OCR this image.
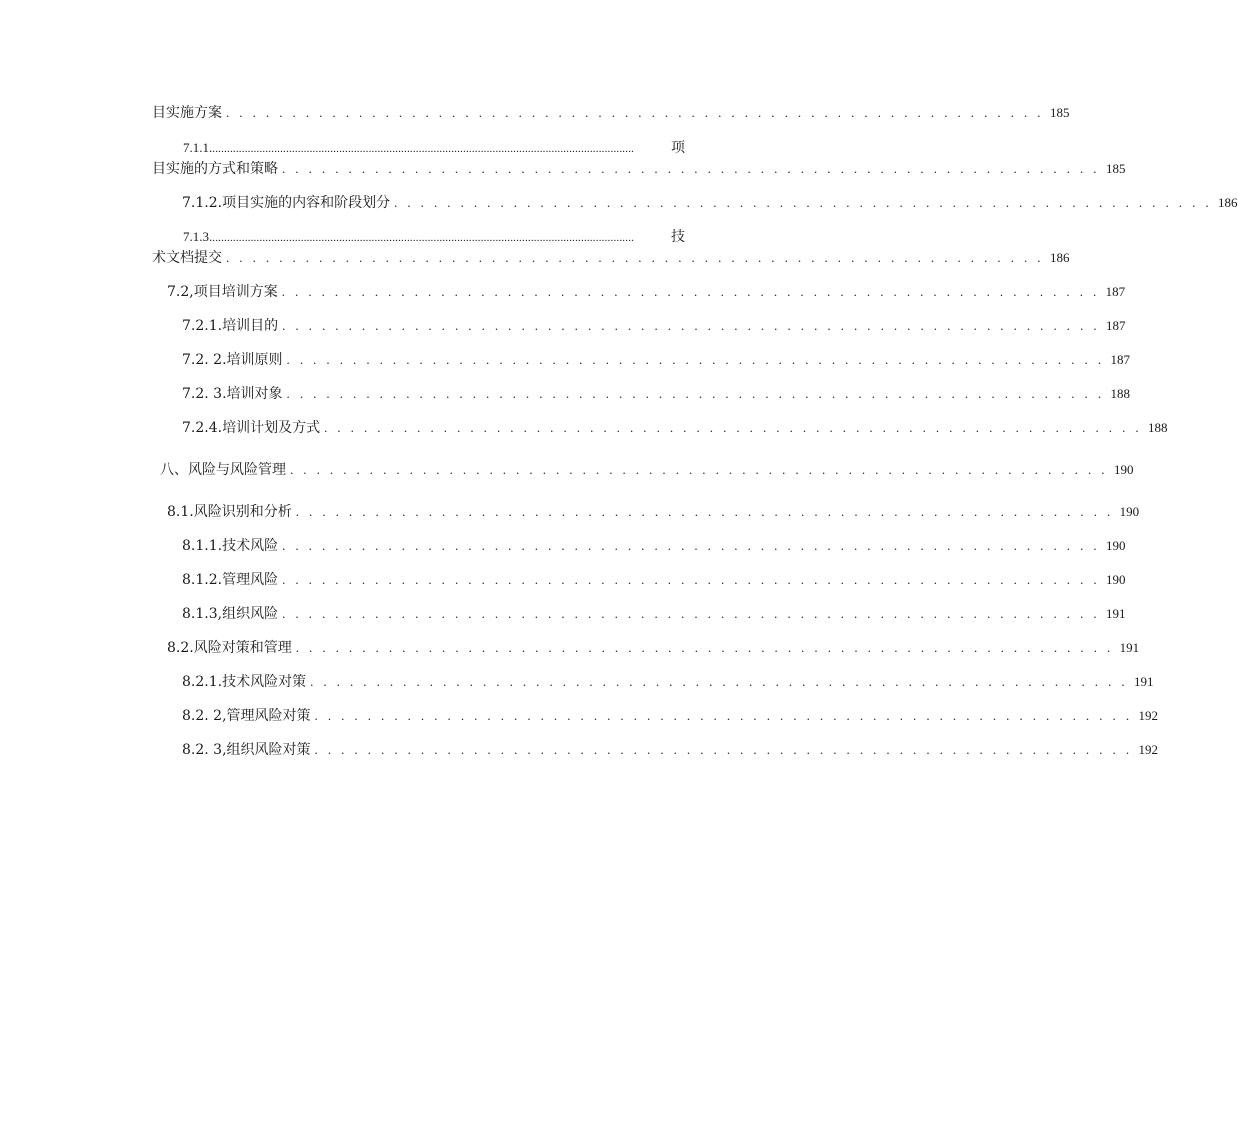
目实施方案 . . . . . . . . . . . . . . . . . . . . . . . . . . . . . . . . . . . . . . . . . . . . . . . . . . . . . . . . . . . . . . 185
7.1.1. ...............................................................................................................................................	项
目实施的方式和策略 . . . . . . . . . . . . . . . . . . . . . . . . . . . . . . . . . . . . . . . . . . . . . . . . . . . . . . . . . . . . . . 185
7. 1.2.项目实施的内容和阶段划分 . . . . . . . . . . . . . . . . . . . . . . . . . . . . . . . . . . . . . . . . . . . . . . . . . . . . . . . . . . . . . . 186
7.1.3. ...............................................................................................................................................	技
术文档提交 . . . . . . . . . . . . . . . . . . . . . . . . . . . . . . . . . . . . . . . . . . . . . . . . . . . . . . . . . . . . . . 186
7.2, 项目培训方案 . . . . . . . . . . . . . . . . . . . . . . . . . . . . . . . . . . . . . . . . . . . . . . . . . . . . . . . . . . . . . . 187
7. 2.1.培训目的 . . . . . . . . . . . . . . . . . . . . . . . . . . . . . . . . . . . . . . . . . . . . . . . . . . . . . . . . . . . . . . 187
7. 2. 2.培训原则 . . . . . . . . . . . . . . . . . . . . . . . . . . . . . . . . . . . . . . . . . . . . . . . . . . . . . . . . . . . . . . 187
7. 2. 3.培训对象 . . . . . . . . . . . . . . . . . . . . . . . . . . . . . . . . . . . . . . . . . . . . . . . . . . . . . . . . . . . . . . 188
7. 2.4.培训计划及方式 . . . . . . . . . . . . . . . . . . . . . . . . . . . . . . . . . . . . . . . . . . . . . . . . . . . . . . . . . . . . . . 188
八、风险与风险管理 . . . . . . . . . . . . . . . . . . . . . . . . . . . . . . . . . . . . . . . . . . . . . . . . . . . . . . . . . . . . . . 190
8.1. 风险识别和分析 . . . . . . . . . . . . . . . . . . . . . . . . . . . . . . . . . . . . . . . . . . . . . . . . . . . . . . . . . . . . . . 190
8.1.1. 技术风险 . . . . . . . . . . . . . . . . . . . . . . . . . . . . . . . . . . . . . . . . . . . . . . . . . . . . . . . . . . . . . . 190
8.1. 2.管理风险 . . . . . . . . . . . . . . . . . . . . . . . . . . . . . . . . . . . . . . . . . . . . . . . . . . . . . . . . . . . . . . 190
8.1. 3,组织风险 . . . . . . . . . . . . . . . . . . . . . . . . . . . . . . . . . . . . . . . . . . . . . . . . . . . . . . . . . . . . . . 191
8.2. 风险对策和管理 . . . . . . . . . . . . . . . . . . . . . . . . . . . . . . . . . . . . . . . . . . . . . . . . . . . . . . . . . . . . . . 191
8. 2.1.技术风险对策 . . . . . . . . . . . . . . . . . . . . . . . . . . . . . . . . . . . . . . . . . . . . . . . . . . . . . . . . . . . . . . 191
8. 2. 2,管理风险对策 . . . . . . . . . . . . . . . . . . . . . . . . . . . . . . . . . . . . . . . . . . . . . . . . . . . . . . . . . . . . . . 192
8. 2. 3,组织风险对策 . . . . . . . . . . . . . . . . . . . . . . . . . . . . . . . . . . . . . . . . . . . . . . . . . . . . . . . . . . . . . . 192
